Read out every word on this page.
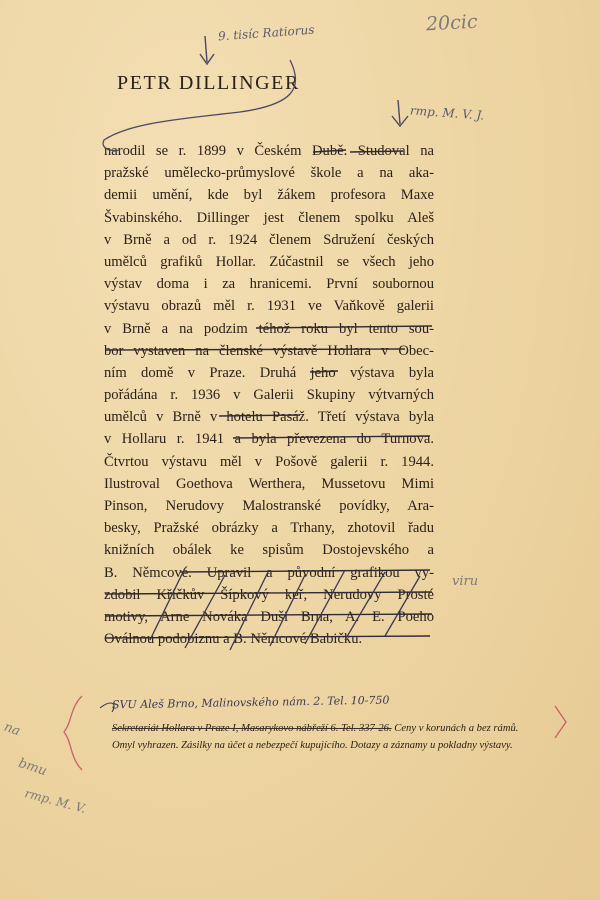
PETR DILLINGER
narodil se r. 1899 v Českém Dubě. Studoval na
pražské umělecko-průmyslové škole a na aka-
demii umění, kde byl žákem profesora Maxe
Švabinského. Dillinger jest členem spolku Aleš
v Brně a od r. 1924 členem Sdružení českých
umělců grafiků Hollar. Zúčastnil se všech jeho
výstav doma i za hranicemi. První soubornou
výstavu obrazů měl r. 1931 ve Vaňkově galerii
v Brně a na podzim téhož roku byl tento sou-
bor vystaven na členské výstavě Hollara v Obec-
ním domě v Praze. Druhá jeho výstava byla
pořádána r. 1936 v Galerii Skupiny výtvarných
umělců v Brně v hotelu Pasáž. Třetí výstava byla
v Hollaru r. 1941 a byla převezena do Turnova.
Čtvrtou výstavu měl v Pošově galerii r. 1944.
Ilustroval Goethova Werthera, Mussetovu Mimi
Pinson, Nerudovy Malostranské povídky, Ara-
besky, Pražské obrázky a Trhany, zhotovil řadu
knižních obálek ke spisům Dostojevského a
B. Němcové. Upravil a původní grafikou vy-
zdobil Kříčkův Šípkový keř, Nerudovy Prosté
motivy, Arne Nováka Duši Brna, A. E. Poeho
Oválnou podobiznu a B. Němcové Babičku.
Sekretariát Hollara v Praze I, Masarykovo nábřeží 6. Tel. 337-26. Ceny v korunách a bez rámů.
Omyl vyhrazen. Zásilky na účet a nebezpečí kupujícího. Dotazy a záznamy u pokladny výstavy.
9. tisíc Ratiorus	20cic
rmp. M. V. J.
viru
SVU Aleš Brno, Malinovského nám. 2. Tel. 10-750
na
bmu
rmp. M. V.
